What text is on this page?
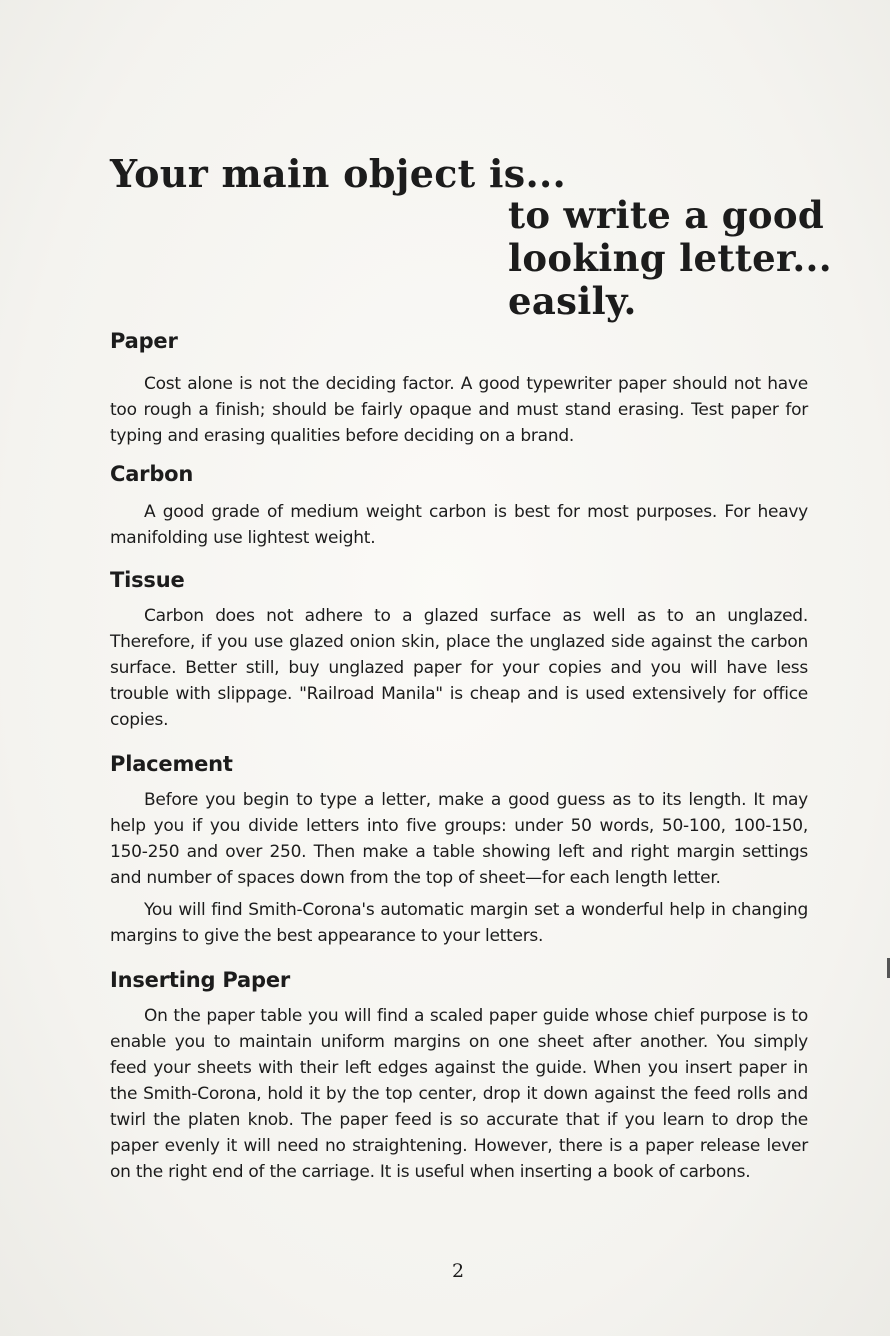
Your main object is...
to write a good
looking letter...
easily.
Paper

Cost alone is not the deciding factor. A good typewriter paper should not have too rough a finish; should be fairly opaque and must stand erasing. Test paper for typing and erasing qualities before deciding on a brand.

Carbon

A good grade of medium weight carbon is best for most purposes. For heavy manifolding use lightest weight.

Tissue

Carbon does not adhere to a glazed surface as well as to an unglazed. Therefore, if you use glazed onion skin, place the unglazed side against the carbon surface. Better still, buy unglazed paper for your copies and you will have less trouble with slippage. "Railroad Manila" is cheap and is used extensively for office copies.

Placement

Before you begin to type a letter, make a good guess as to its length. It may help you if you divide letters into five groups: under 50 words, 50-100, 100-150, 150-250 and over 250. Then make a table showing left and right margin settings and number of spaces down from the top of sheet—for each length letter.

You will find Smith-Corona's automatic margin set a wonderful help in changing margins to give the best appearance to your letters.

Inserting Paper

On the paper table you will find a scaled paper guide whose chief purpose is to enable you to maintain uniform margins on one sheet after another. You simply feed your sheets with their left edges against the guide. When you insert paper in the Smith-Corona, hold it by the top center, drop it down against the feed rolls and twirl the platen knob. The paper feed is so accurate that if you learn to drop the paper evenly it will need no straightening. However, there is a paper release lever on the right end of the carriage. It is useful when inserting a book of carbons.

2
